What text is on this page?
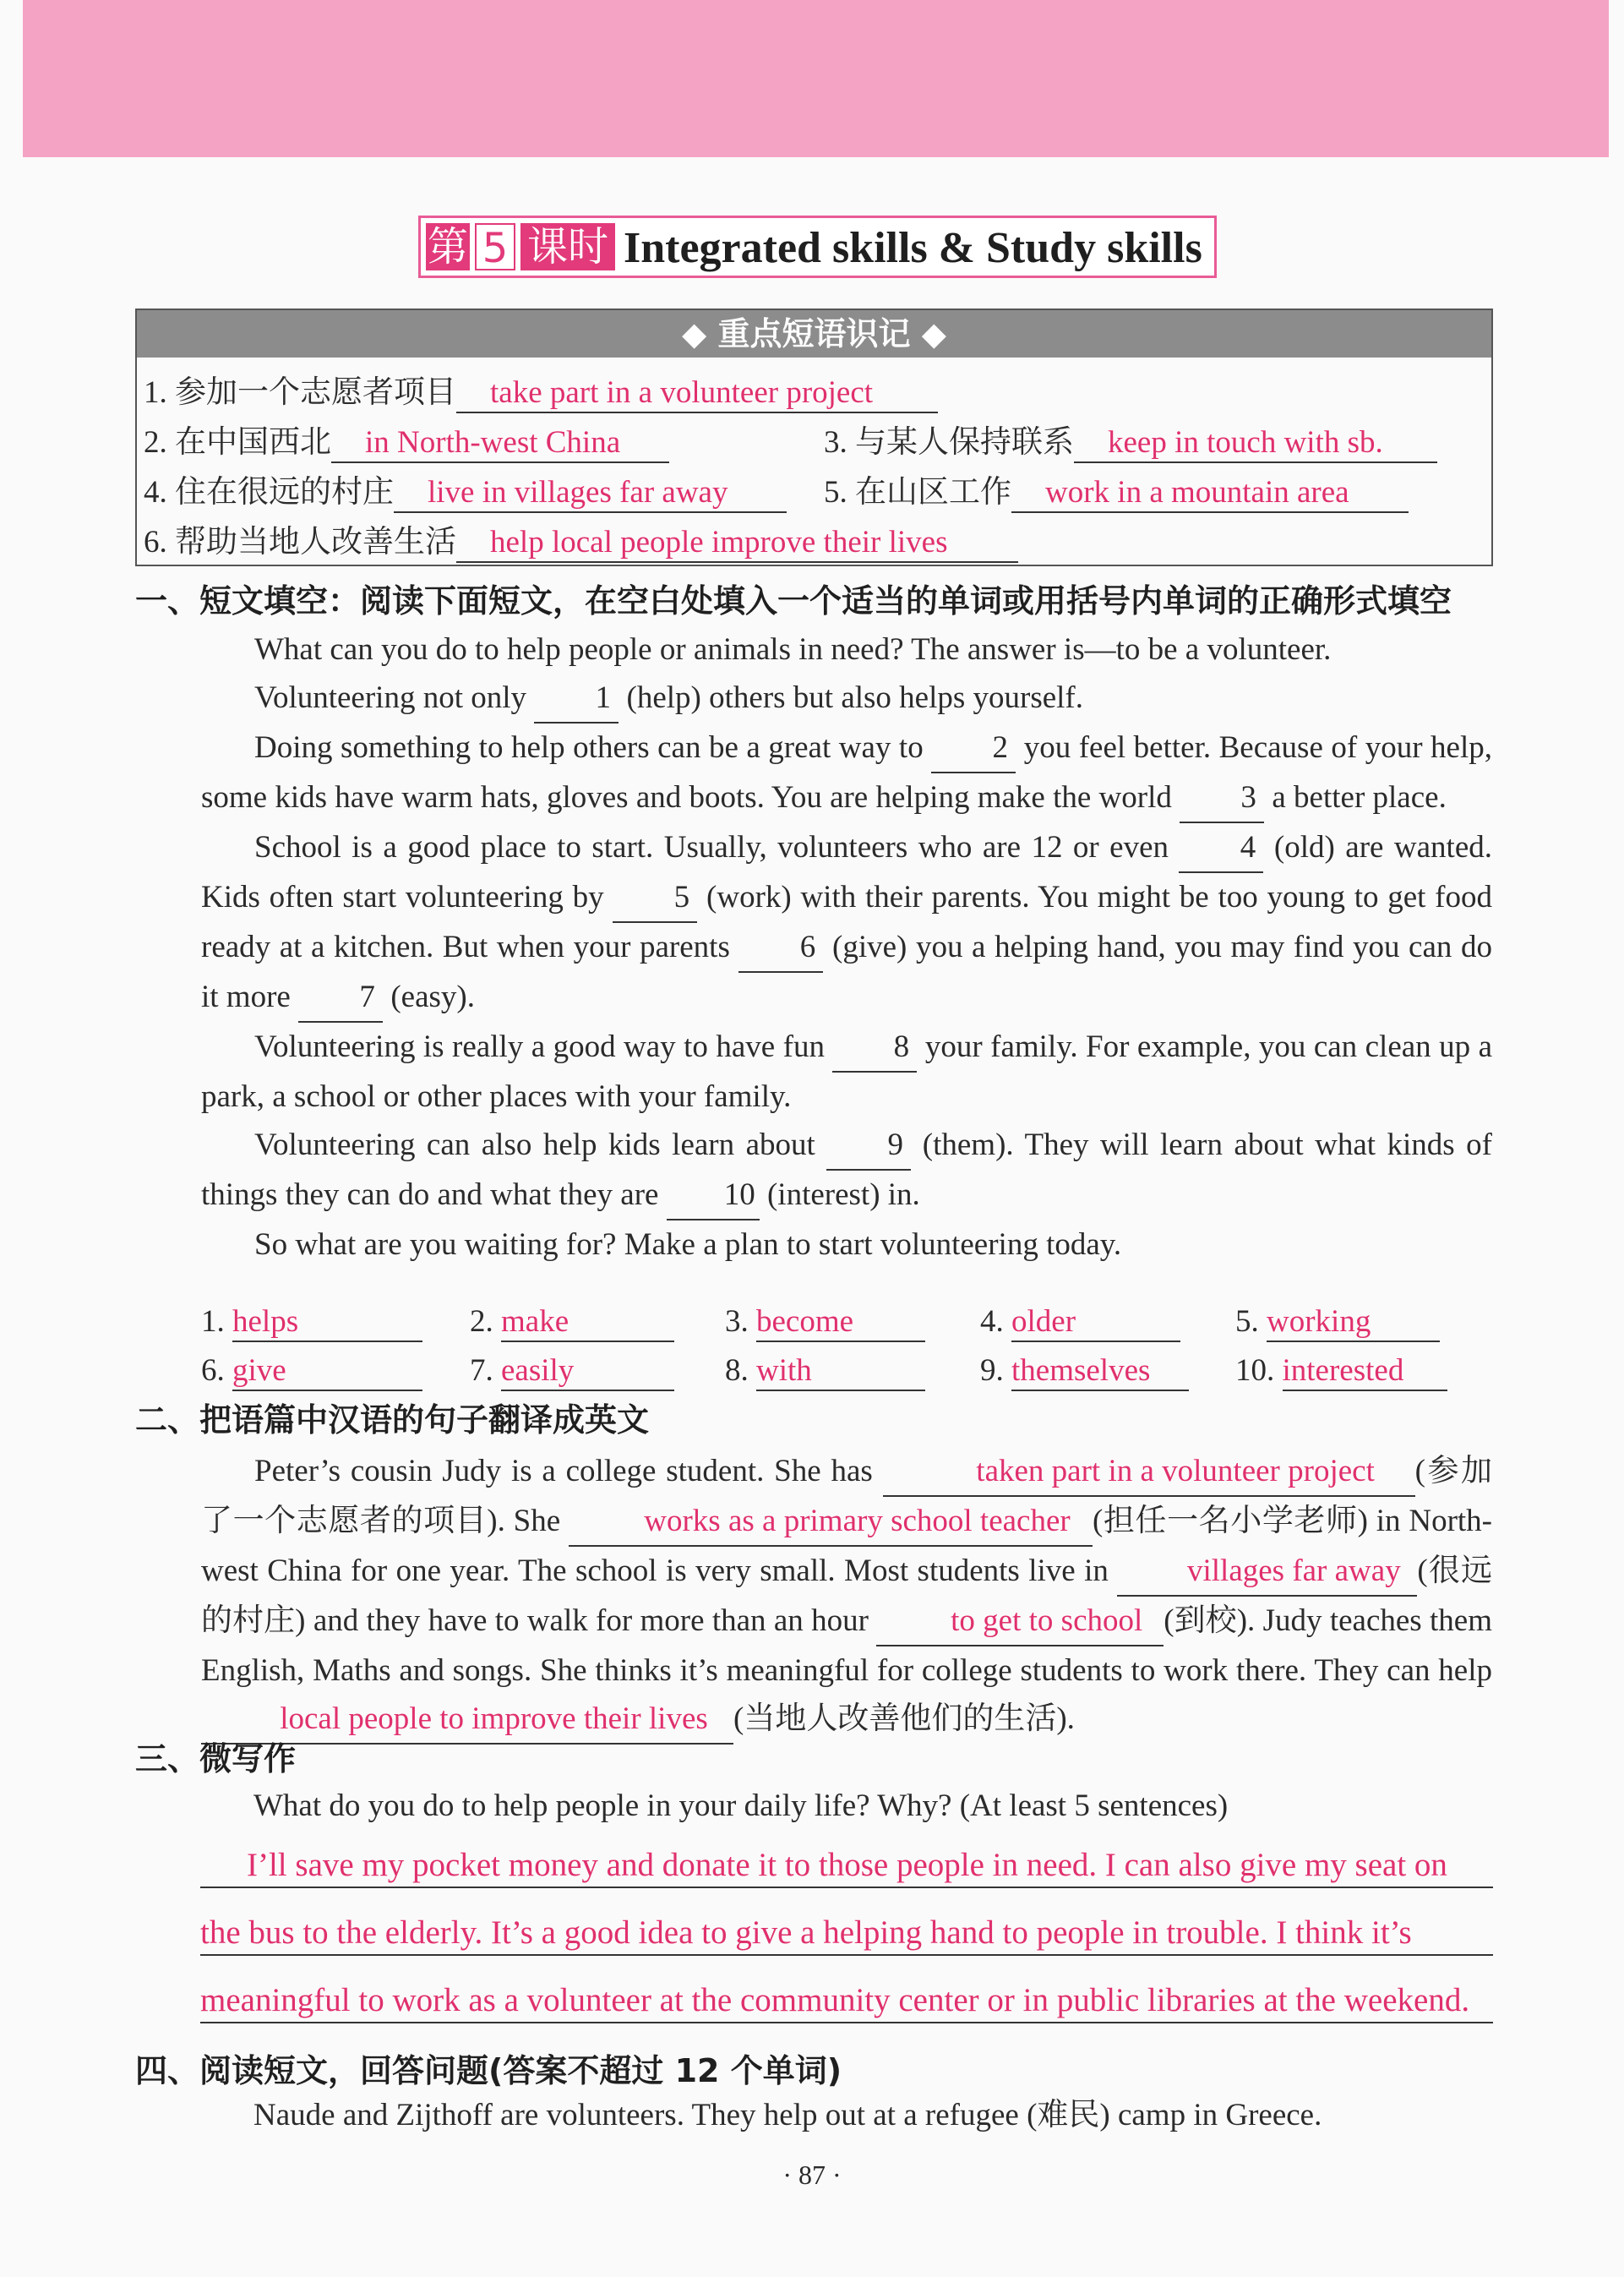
第 5 课时 Integrated skills & Study skills
◆ 重点短语识记 ◆
1. 参加一个志愿者项目 take part in a volunteer project
2. 在中国西北 in North-west China	3. 与某人保持联系 keep in touch with sb.
4. 住在很远的村庄 live in villages far away	5. 在山区工作 work in a mountain area
6. 帮助当地人改善生活 help local people improve their lives
一、短文填空：阅读下面短文，在空白处填入一个适当的单词或用括号内单词的正确形式填空

What can you do to help people or animals in need? The answer is—to be a volunteer.

Volunteering not only 1 (help) others but also helps yourself.

Doing something to help others can be a great way to 2 you feel better. Because of your help, some kids have warm hats, gloves and boots. You are helping make the world 3 a better place.

School is a good place to start. Usually, volunteers who are 12 or even 4 (old) are wanted. Kids often start volunteering by 5 (work) with their parents. You might be too young to get food ready at a kitchen. But when your parents 6 (give) you a helping hand, you may find you can do it more 7 (easy).

Volunteering is really a good way to have fun 8 your family. For example, you can clean up a park, a school or other places with your family.

Volunteering can also help kids learn about 9 (them). They will learn about what kinds of things they can do and what they are 10 (interest) in.

So what are you waiting for? Make a plan to start volunteering today.

1. helps	2. make	3. become	4. older	5. working
6. give	7. easily	8. with	9. themselves	10. interested
二、把语篇中汉语的句子翻译成英文

Peter’s cousin Judy is a college student. She has	taken part in a volunteer project (参加了一个志愿者的项目). She works as a primary school teacher (担任一名小学老师) in North-west China for one year. The school is very small. Most students live in villages far away (很远的村庄) and they have to walk for more than an hour to get to school (到校). Judy teaches them English, Maths and songs. She thinks it’s meaningful for college students to work there. They can help local people to improve their lives (当地人改善他们的生活).

三、微写作
What do you do to help people in your daily life? Why? (At least 5 sentences)
I’ll save my pocket money and donate it to those people in need. I can also give my seat on
the bus to the elderly. It’s a good idea to give a helping hand to people in trouble. I think it’s
meaningful to work as a volunteer at the community center or in public libraries at the weekend.
四、阅读短文，回答问题(答案不超过 12 个单词)
Naude and Zijthoff are volunteers. They help out at a refugee (难民) camp in Greece.
· 87 ·
